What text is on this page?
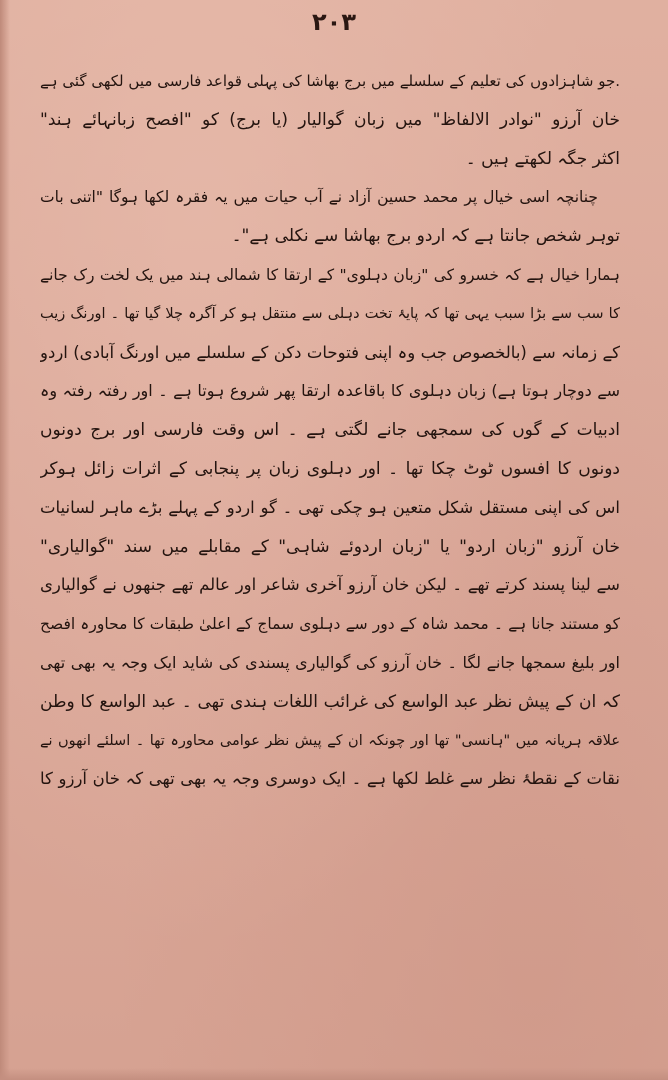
۲۰۳
.جو شاہزادوں کی تعلیم کے سلسلے میں برج بھاشا کی پہلی قواعد فارسی میں لکھی گئی ہے
خان آرزو "نوادر الالفاظ" میں زبان گوالیار (یا برج) کو "افصح زبانہائے ہند"
اکثر جگہ لکھتے ہیں ۔
چنانچہ اسی خیال پر محمد حسین آزاد نے آب حیات میں یہ فقرہ لکھا ہوگا "اتنی بات
توہر شخص جانتا ہے کہ اردو برج بھاشا سے نکلی ہے"۔
ہمارا خیال ہے کہ خسرو کی "زبان دہلوی" کے ارتقا کا شمالی ہند میں یک لخت رک جانے
کا سب سے بڑا سبب یہی تھا کہ پایۂ تخت دہلی سے منتقل ہو کر آگرہ چلا گیا تھا ۔ اورنگ زیب
کے زمانہ سے (بالخصوص جب وہ اپنی فتوحات دکن کے سلسلے میں اورنگ آبادی) اردو
سے دوچار ہوتا ہے) زبان دہلوی کا باقاعدہ ارتقا پھر شروع ہوتا ہے ۔ اور رفتہ رفتہ وہ
ادبیات کے گوں کی سمجھی جانے لگتی ہے ۔ اس وقت فارسی اور برج دونوں
دونوں کا افسوں ٹوٹ چکا تھا ۔ اور دہلوی زبان پر پنجابی کے اثرات زائل ہوکر
اس کی اپنی مستقل شکل متعین ہو چکی تھی ۔ گو اردو کے پہلے بڑے ماہر لسانیات
خان آرزو "زبان اردو" یا "زبان اردوئے شاہی" کے مقابلے میں سند "گوالیاری"
سے لینا پسند کرتے تھے ۔ لیکن خان آرزو آخری شاعر اور عالم تھے جنھوں نے گوالیاری
کو مستند جانا ہے ۔ محمد شاہ کے دور سے دہلوی سماج کے اعلیٰ طبقات کا محاورہ افصح
اور بلیغ سمجھا جانے لگا ۔ خان آرزو کی گوالیاری پسندی کی شاید ایک وجہ یہ بھی تھی
کہ ان کے پیش نظر عبد الواسع کی غرائب اللغات ہندی تھی ۔ عبد الواسع کا وطن
علاقہ ہریانہ میں "ہانسی" تھا اور چونکہ ان کے پیش نظر عوامی محاورہ تھا ۔ اسلئے انھوں نے
نقات کے نقطۂ نظر سے غلط لکھا ہے ۔ ایک دوسری وجہ یہ بھی تھی کہ خان آرزو کا
